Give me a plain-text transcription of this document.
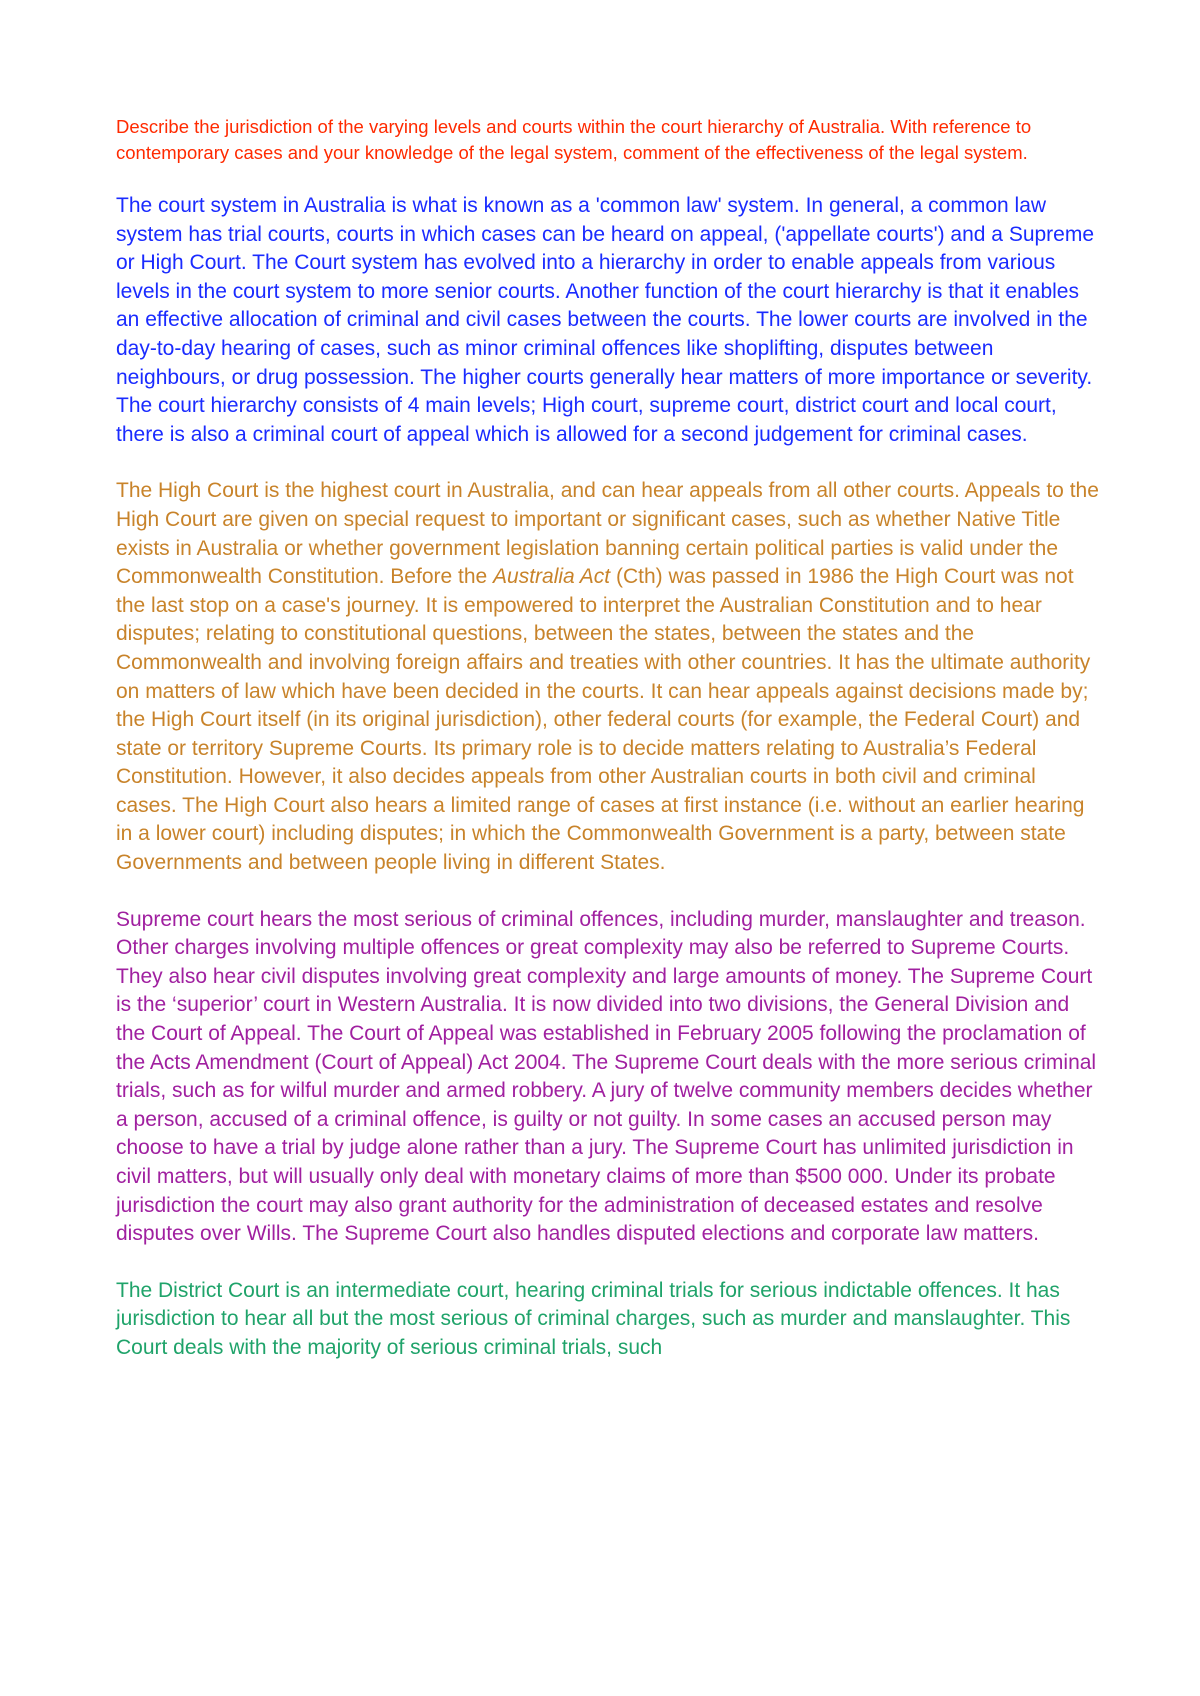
Describe the jurisdiction of the varying levels and courts within the court hierarchy of Australia. With reference to contemporary cases and your knowledge of the legal system, comment of the effectiveness of the legal system.
The court system in Australia is what is known as a 'common law' system. In general, a common law system has trial courts, courts in which cases can be heard on appeal, ('appellate courts') and a Supreme or High Court. The Court system has evolved into a hierarchy in order to enable appeals from various levels in the court system to more senior courts. Another function of the court hierarchy is that it enables an effective allocation of criminal and civil cases between the courts. The lower courts are involved in the day-to-day hearing of cases, such as minor criminal offences like shoplifting, disputes between neighbours, or drug possession. The higher courts generally hear matters of more importance or severity. The court hierarchy consists of 4 main levels; High court, supreme court, district court and local court, there is also a criminal court of appeal which is allowed for a second judgement for criminal cases.
The High Court is the highest court in Australia, and can hear appeals from all other courts. Appeals to the High Court are given on special request to important or significant cases, such as whether Native Title exists in Australia or whether government legislation banning certain political parties is valid under the Commonwealth Constitution. Before the Australia Act (Cth) was passed in 1986 the High Court was not the last stop on a case's journey. It is empowered to interpret the Australian Constitution and to hear disputes; relating to constitutional questions, between the states, between the states and the Commonwealth and involving foreign affairs and treaties with other countries. It has the ultimate authority on matters of law which have been decided in the courts. It can hear appeals against decisions made by; the High Court itself (in its original jurisdiction), other federal courts (for example, the Federal Court) and state or territory Supreme Courts. Its primary role is to decide matters relating to Australia’s Federal Constitution. However, it also decides appeals from other Australian courts in both civil and criminal cases. The High Court also hears a limited range of cases at first instance (i.e. without an earlier hearing in a lower court) including disputes; in which the Commonwealth Government is a party, between state Governments and between people living in different States.
Supreme court hears the most serious of criminal offences, including murder, manslaughter and treason. Other charges involving multiple offences or great complexity may also be referred to Supreme Courts. They also hear civil disputes involving great complexity and large amounts of money. The Supreme Court is the ‘superior’ court in Western Australia. It is now divided into two divisions, the General Division and the Court of Appeal. The Court of Appeal was established in February 2005 following the proclamation of the Acts Amendment (Court of Appeal) Act 2004. The Supreme Court deals with the more serious criminal trials, such as for wilful murder and armed robbery. A jury of twelve community members decides whether a person, accused of a criminal offence, is guilty or not guilty. In some cases an accused person may choose to have a trial by judge alone rather than a jury. The Supreme Court has unlimited jurisdiction in civil matters, but will usually only deal with monetary claims of more than $500 000. Under its probate jurisdiction the court may also grant authority for the administration of deceased estates and resolve disputes over Wills. The Supreme Court also handles disputed elections and corporate law matters.
The District Court is an intermediate court, hearing criminal trials for serious indictable offences. It has jurisdiction to hear all but the most serious of criminal charges, such as murder and manslaughter. This Court deals with the majority of serious criminal trials, such
